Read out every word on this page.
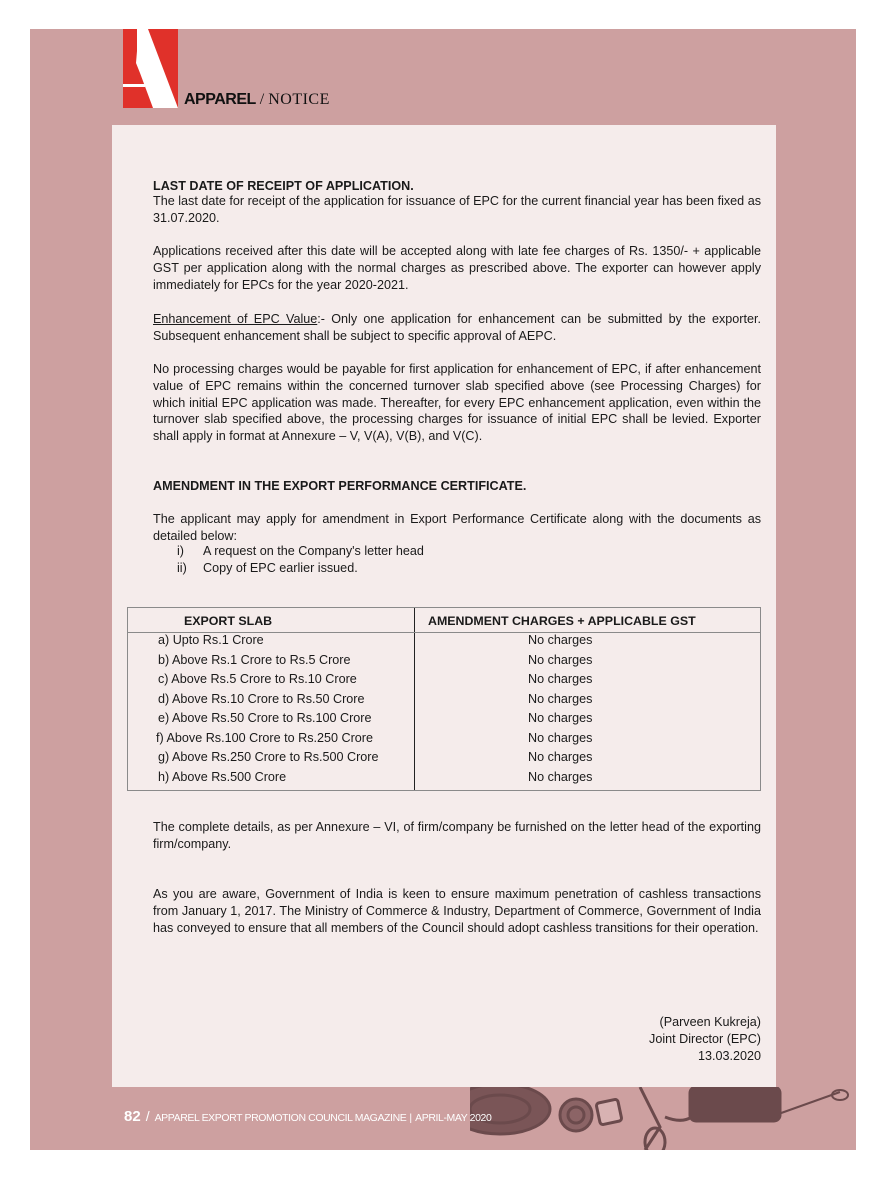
APPAREL / NOTICE
LAST DATE OF RECEIPT OF APPLICATION.
The last date for receipt of the application for issuance of EPC for the current financial year has been fixed as 31.07.2020.
Applications received after this date will be accepted along with late fee charges of Rs. 1350/- + applicable GST per application along with the normal charges as prescribed above. The exporter can however apply immediately for EPCs for the year 2020-2021.
Enhancement of EPC Value:- Only one application for enhancement can be submitted by the exporter. Subsequent enhancement shall be subject to specific approval of AEPC.
No processing charges would be payable for first application for enhancement of EPC, if after enhancement value of EPC remains within the concerned turnover slab specified above (see Processing Charges) for which initial EPC application was made. Thereafter, for every EPC enhancement application, even within the turnover slab specified above, the processing charges for issuance of initial EPC shall be levied. Exporter shall apply in format at Annexure – V, V(A), V(B), and V(C).
AMENDMENT IN THE EXPORT PERFORMANCE CERTIFICATE.
The applicant may apply for amendment in Export Performance Certificate along with the documents as detailed below:
i) A request on the Company's letter head
ii) Copy of EPC earlier issued.
EXPORT SLAB	AMENDMENT CHARGES + APPLICABLE GST
a) Upto Rs.1 Crore	No charges
b) Above Rs.1 Crore to Rs.5 Crore	No charges
c) Above Rs.5 Crore to Rs.10 Crore	No charges
d) Above Rs.10 Crore to Rs.50 Crore	No charges
e) Above Rs.50 Crore to Rs.100 Crore	No charges
f) Above Rs.100 Crore to Rs.250 Crore	No charges
g) Above Rs.250 Crore to Rs.500 Crore	No charges
h) Above Rs.500 Crore	No charges
The complete details, as per Annexure – VI, of firm/company be furnished on the letter head of the exporting firm/company.
As you are aware, Government of India is keen to ensure maximum penetration of cashless transactions from January 1, 2017. The Ministry of Commerce & Industry, Department of Commerce, Government of India has conveyed to ensure that all members of the Council should adopt cashless transitions for their operation.
(Parveen Kukreja)
Joint Director (EPC)
13.03.2020
82 / APPAREL EXPORT PROMOTION COUNCIL MAGAZINE | APRIL-MAY 2020
